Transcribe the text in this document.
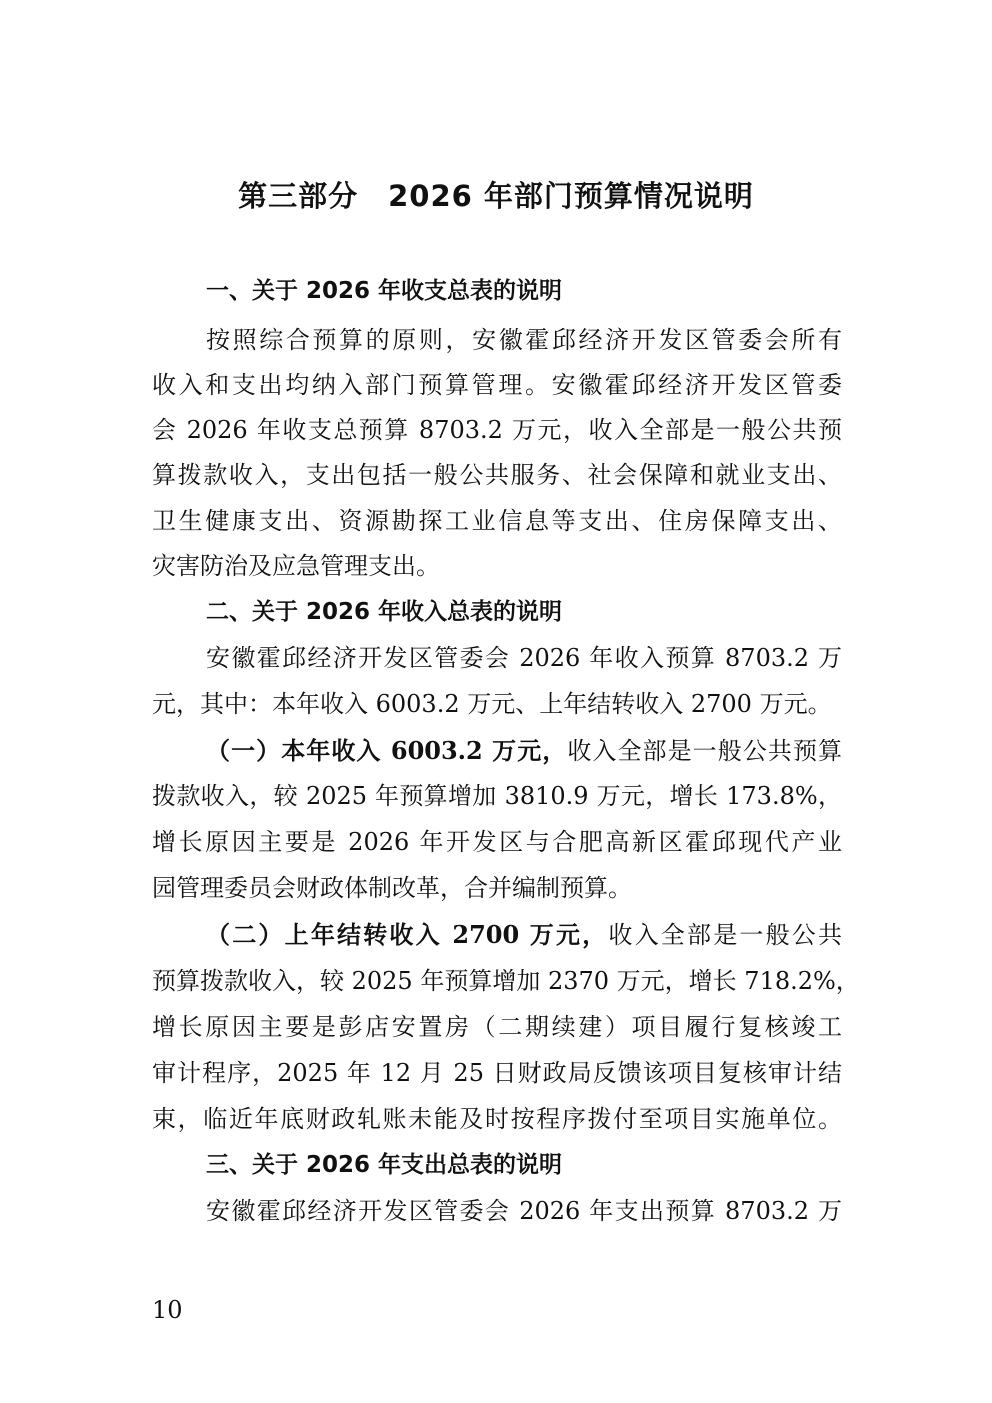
第三部分　2026 年部门预算情况说明
一、关于 2026 年收支总表的说明
按照综合预算的原则，安徽霍邱经济开发区管委会所有
收入和支出均纳入部门预算管理。安徽霍邱经济开发区管委
会 2026 年收支总预算 8703.2 万元，收入全部是一般公共预
算拨款收入，支出包括一般公共服务、社会保障和就业支出、
卫生健康支出、资源勘探工业信息等支出、住房保障支出、
灾害防治及应急管理支出。
二、关于 2026 年收入总表的说明
安徽霍邱经济开发区管委会 2026 年收入预算 8703.2 万
元，其中：本年收入 6003.2 万元、上年结转收入 2700 万元。
（一）本年收入 6003.2 万元，收入全部是一般公共预算
拨款收入，较 2025 年预算增加 3810.9 万元，增长 173.8%，
增长原因主要是 2026 年开发区与合肥高新区霍邱现代产业
园管理委员会财政体制改革，合并编制预算。
（二）上年结转收入 2700 万元，收入全部是一般公共
预算拨款收入，较 2025 年预算增加 2370 万元，增长 718.2%，
增长原因主要是彭店安置房（二期续建）项目履行复核竣工
审计程序，2025 年 12 月 25 日财政局反馈该项目复核审计结
束，临近年底财政轧账未能及时按程序拨付至项目实施单位。
三、关于 2026 年支出总表的说明
安徽霍邱经济开发区管委会 2026 年支出预算 8703.2 万
10
